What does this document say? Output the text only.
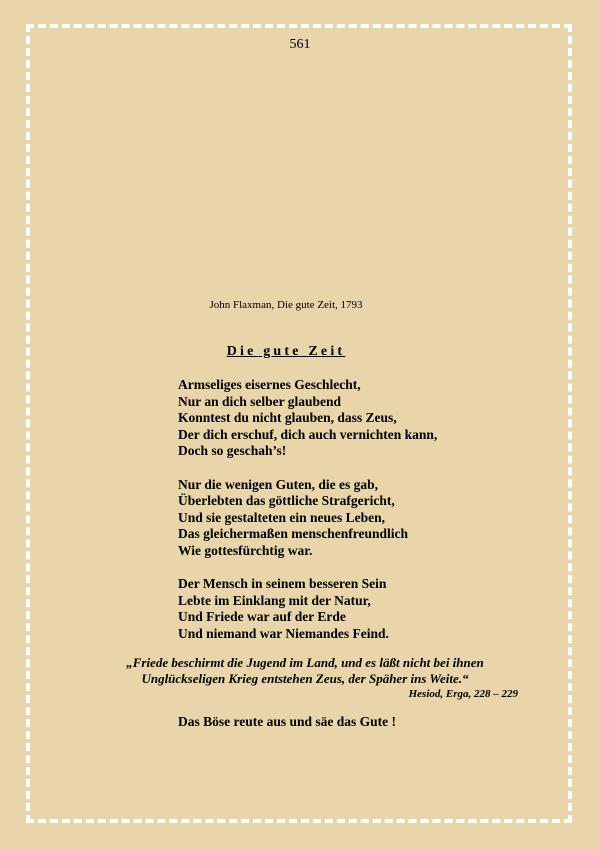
561
John Flaxman, Die gute Zeit, 1793
Die gute Zeit
Armseliges eisernes Geschlecht,
Nur an dich selber glaubend
Konntest du nicht glauben, dass Zeus,
Der dich erschuf, dich auch vernichten kann,
Doch so geschah’s!
Nur die wenigen Guten, die es gab,
Überlebten das göttliche Strafgericht,
Und sie gestalteten ein neues Leben,
Das gleichermaßen menschenfreundlich
Wie gottesfürchtig war.
Der Mensch in seinem besseren Sein
Lebte im Einklang mit der Natur,
Und Friede war auf der Erde
Und niemand war Niemandes Feind.
„Friede beschirmt die Jugend im Land, und es läßt nicht bei ihnen
Unglückseligen Krieg entstehen Zeus, der Späher ins Weite.“
Hesiod, Erga, 228 – 229
Das Böse reute aus und säe das Gute !
